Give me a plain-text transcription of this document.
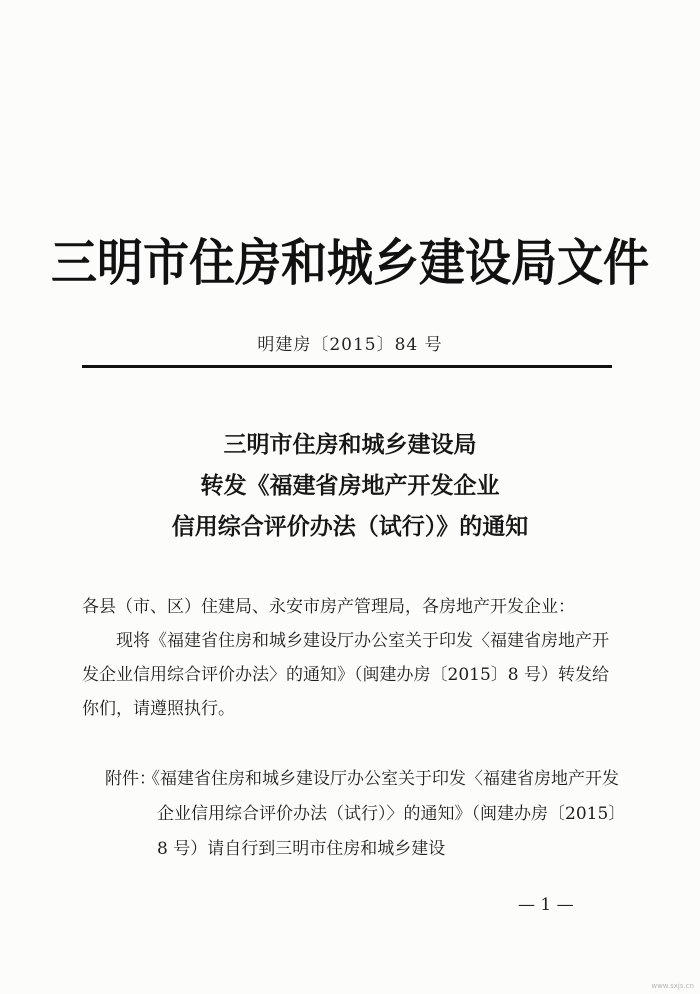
三明市住房和城乡建设局文件
明建房〔2015〕84 号
三明市住房和城乡建设局
转发《福建省房地产开发企业
信用综合评价办法（试行）》的通知
各县（市、区）住建局、永安市房产管理局，各房地产开发企业：
现将《福建省住房和城乡建设厅办公室关于印发〈福建省房地产开发企业信用综合评价办法〉的通知》（闽建办房〔2015〕8 号）转发给你们，请遵照执行。
附件：
《福建省住房和城乡建设厅办公室关于印发〈福建省房地产开发企业信用综合评价办法（试行）〉的通知》（闽建办房〔2015〕8 号）请自行到三明市住房和城乡建设
— 1 —
www.sxjs.cn
